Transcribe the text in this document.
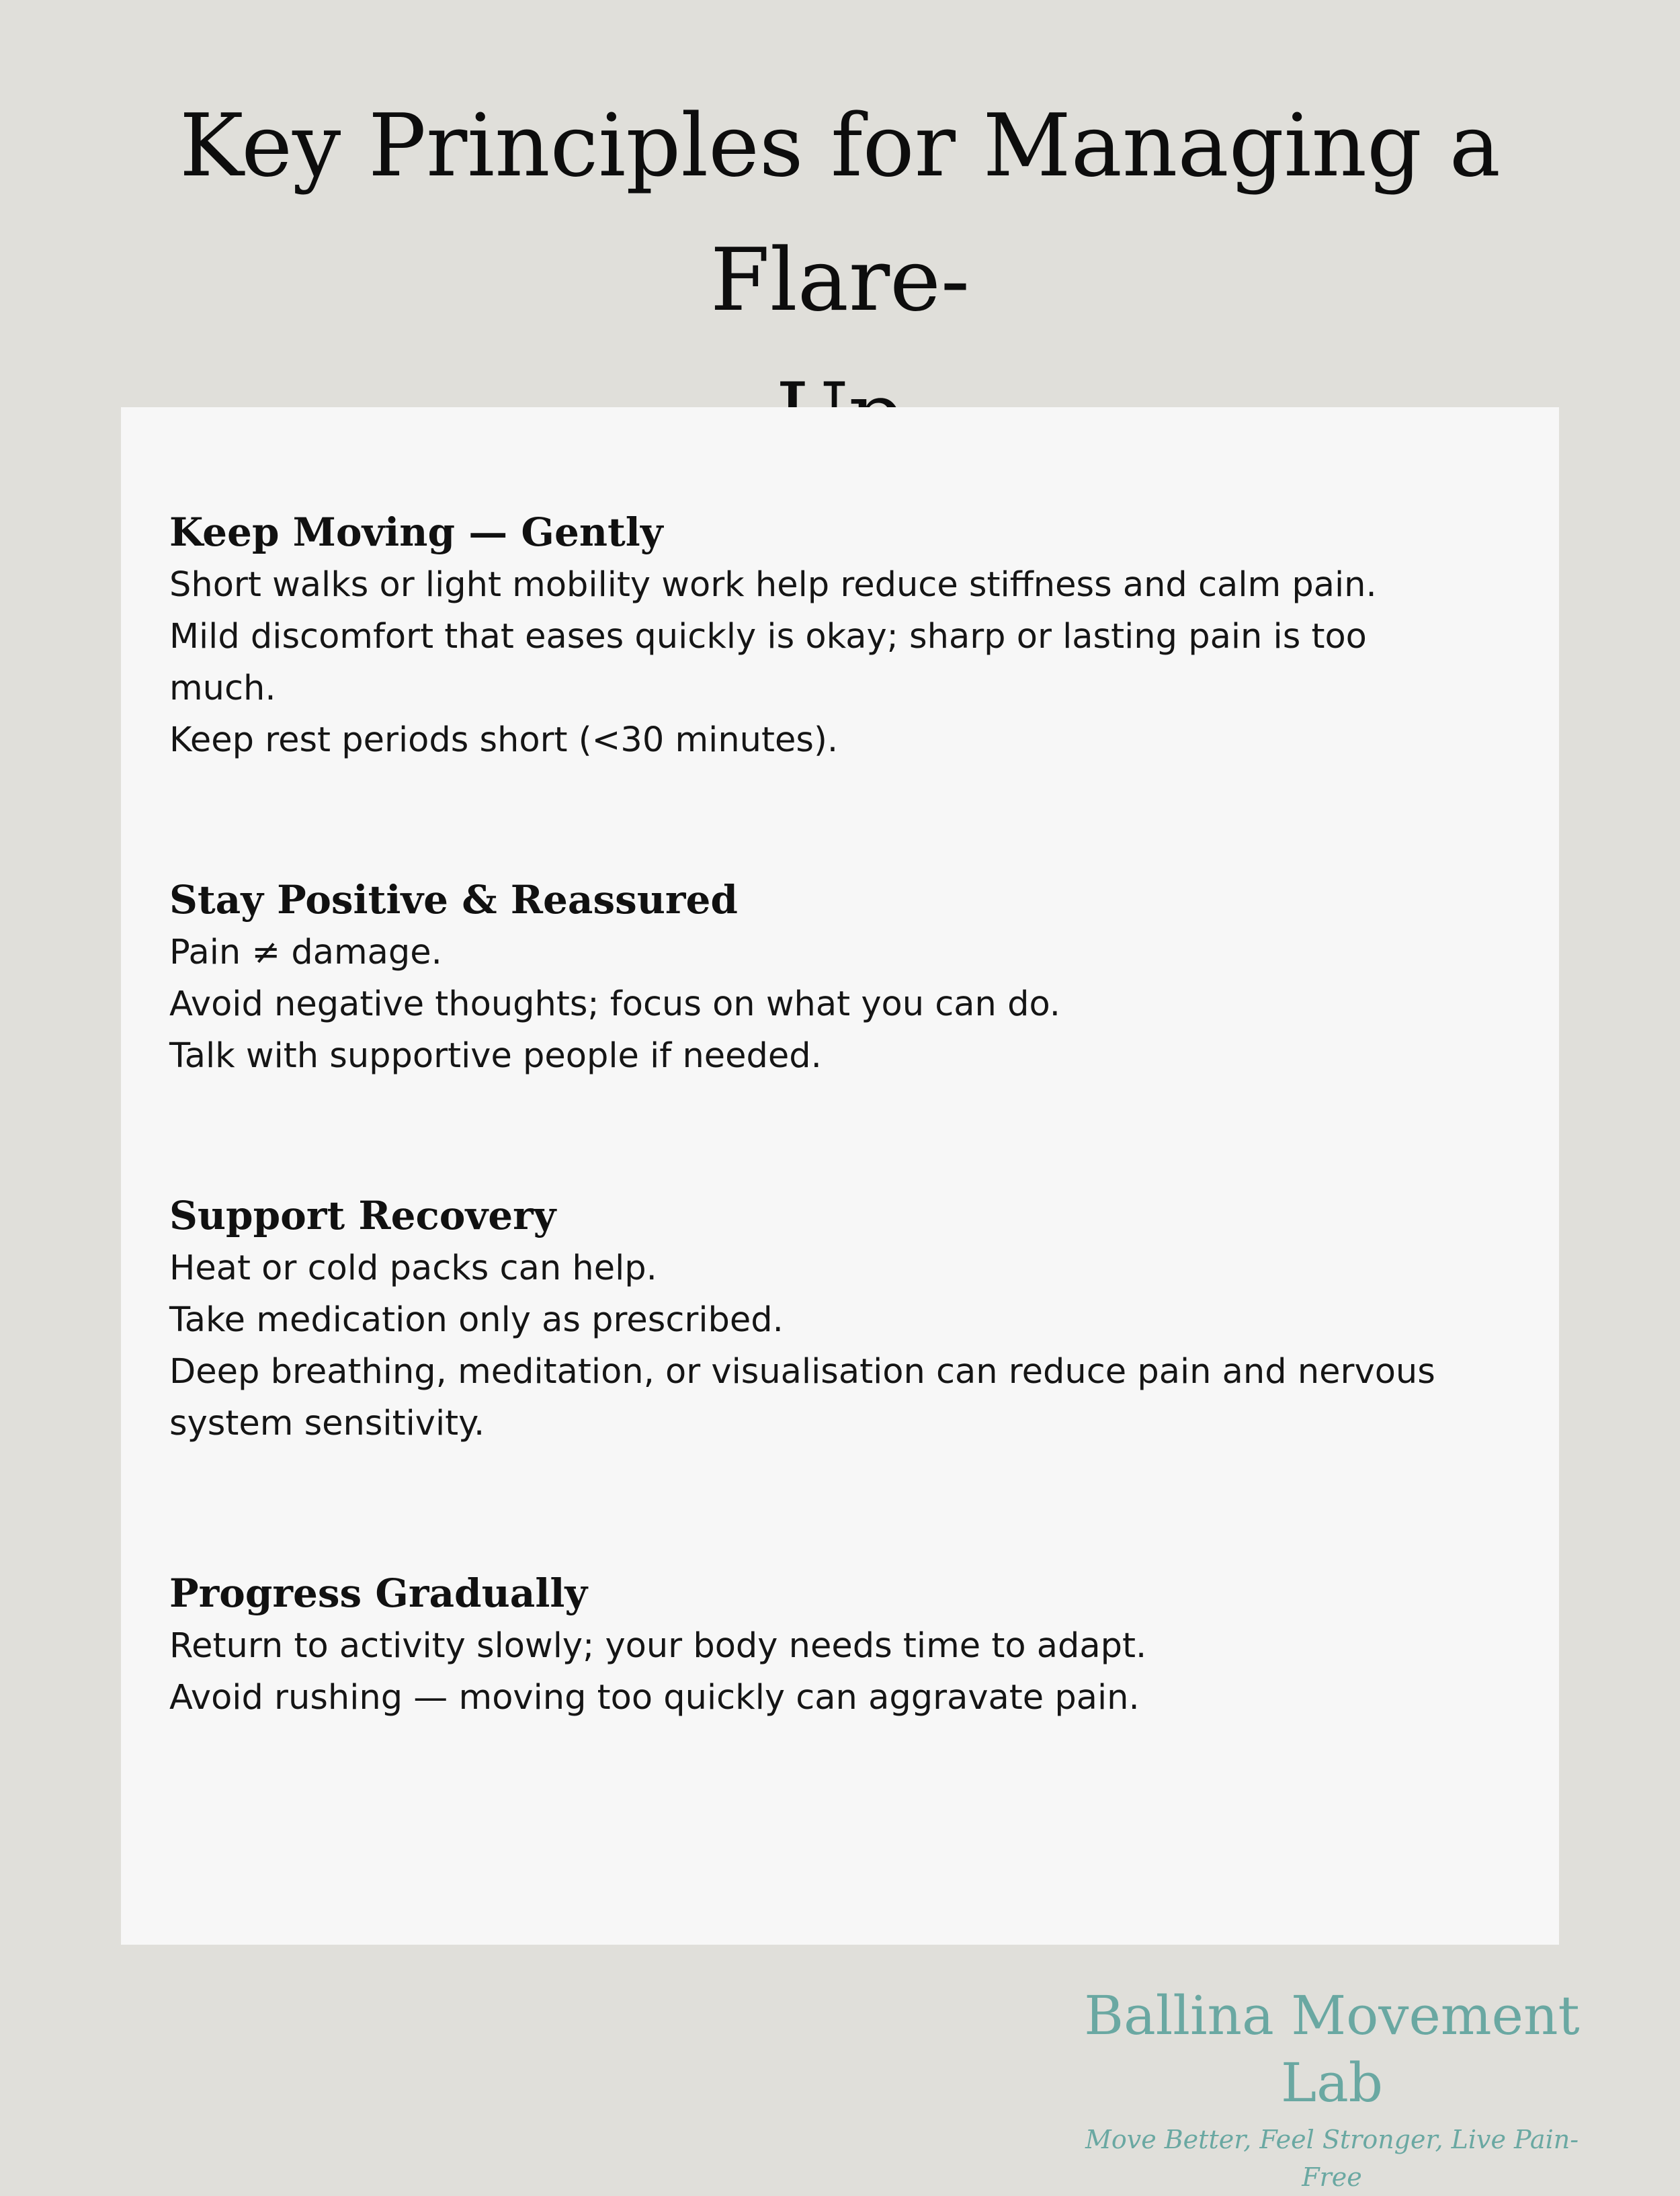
Key Principles for Managing a Flare-

Keep Moving — Gently

Short walks or light mobility work help reduce stiffness and calm pain.

Mild discomfort that eases quickly is okay; sharp or lasting pain is too

much.

Keep rest periods short (<30 minutes).

Stay Positive & Reassured

Pain ≠ damage.

Avoid negative thoughts; focus on what you can do.

Talk with supportive people if needed.

Support Recovery

Heat or cold packs can help.

Take medication only as prescribed.

Deep breathing, meditation, or visualisation can reduce pain and nervous

system sensitivity.

Progress Gradually

Return to activity slowly; your body needs time to adapt.

Avoid rushing — moving too quickly can aggravate pain.

Ballina Movement Lab

Move Better, Feel Stronger, Live Pain-Free
